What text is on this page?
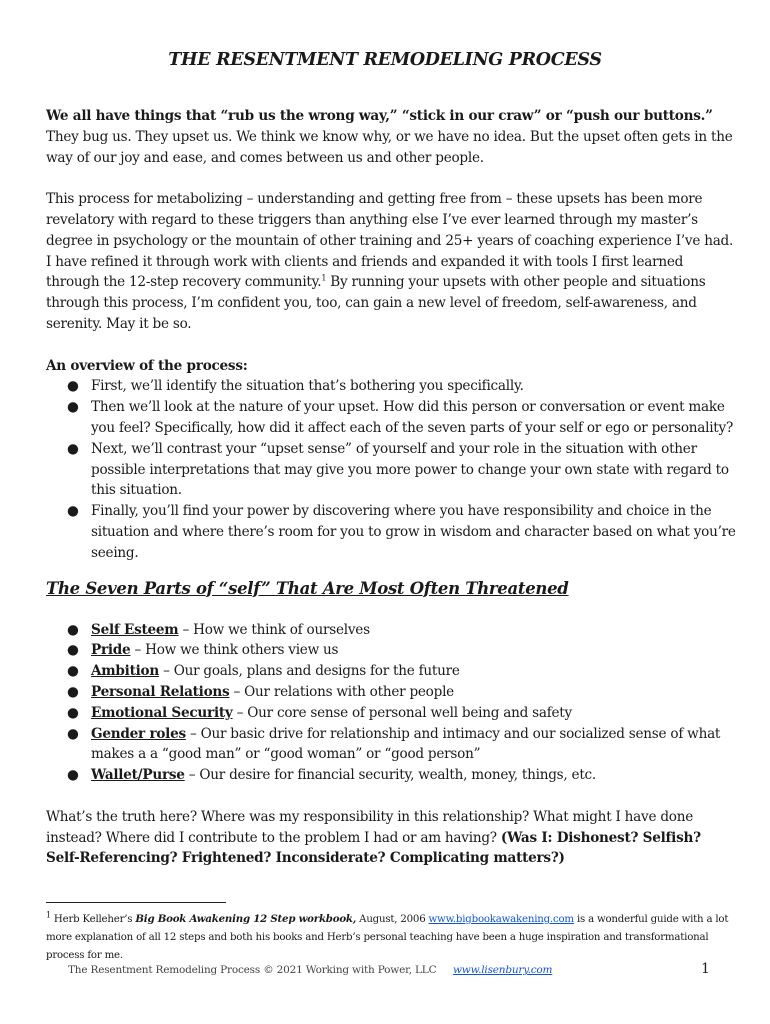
THE RESENTMENT REMODELING PROCESS

We all have things that “rub us the wrong way,” “stick in our craw” or “push our buttons.” They bug us. They upset us. We think we know why, or we have no idea. But the upset often gets in the way of our joy and ease, and comes between us and other people.

This process for metabolizing – understanding and getting free from – these upsets has been more revelatory with regard to these triggers than anything else I’ve ever learned through my master’s degree in psychology or the mountain of other training and 25+ years of coaching experience I’ve had. I have refined it through work with clients and friends and expanded it with tools I first learned through the 12-step recovery community.$^1$ By running your upsets with other people and situations through this process, I’m confident you, too, can gain a new level of freedom, self-awareness, and serenity. May it be so.

An overview of the process:
● First, we’ll identify the situation that’s bothering you specifically.
● Then we’ll look at the nature of your upset. How did this person or conversation or event make you feel? Specifically, how did it affect each of the seven parts of your self or ego or personality?
● Next, we’ll contrast your “upset sense” of yourself and your role in the situation with other possible interpretations that may give you more power to change your own state with regard to this situation.
● Finally, you’ll find your power by discovering where you have responsibility and choice in the situation and where there’s room for you to grow in wisdom and character based on what you’re seeing.
The Seven Parts of “self” That Are Most Often Threatened
● Self Esteem – How we think of ourselves
● Pride – How we think others view us
● Ambition – Our goals, plans and designs for the future
● Personal Relations – Our relations with other people
● Emotional Security – Our core sense of personal well being and safety
● Gender roles – Our basic drive for relationship and intimacy and our socialized sense of what makes a a “good man” or “good woman” or “good person”
● Wallet/Purse – Our desire for financial security, wealth, money, things, etc.

What’s the truth here? Where was my responsibility in this relationship? What might I have done instead? Where did I contribute to the problem I had or am having? (Was I: Dishonest? Selfish? Self-Referencing? Frightened? Inconsiderate? Complicating matters?)

$^1$ Herb Kelleher’s Big Book Awakening 12 Step workbook, August, 2006 www.bigbookawakening.com is a wonderful guide with a lot more explanation of all 12 steps and both his books and Herb’s personal teaching have been a huge inspiration and transformational process for me.
The Resentment Remodeling Process © 2021 Working with Power, LLC www.lisenbury.com	1
